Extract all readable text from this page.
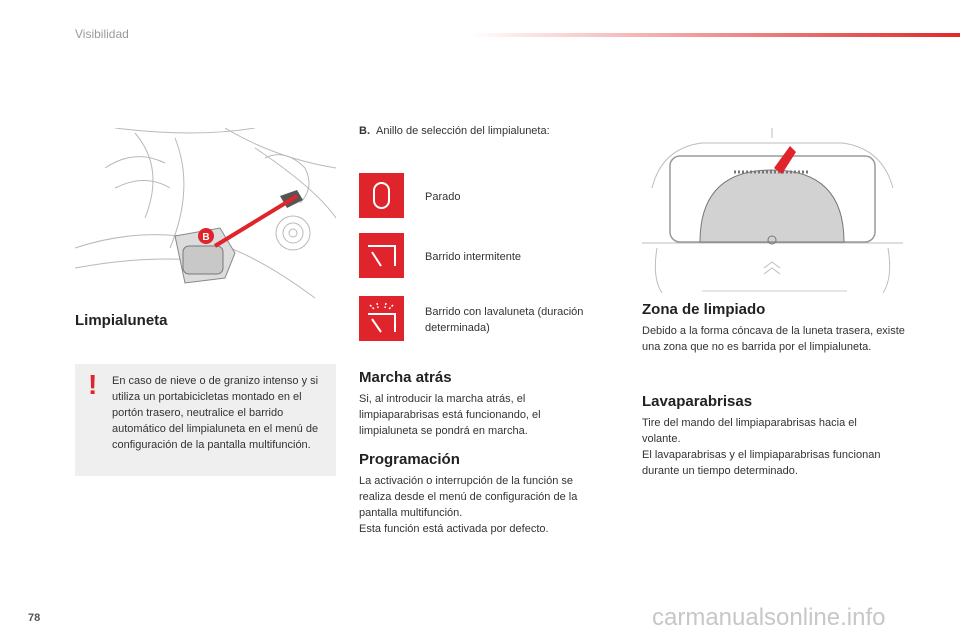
Visibilidad
B
Limpialuneta
! En caso de nieve o de granizo intenso y si utiliza un portabicicletas montado en el portón trasero, neutralice el barrido automático del limpialuneta en el menú de configuración de la pantalla multifunción.
B. Anillo de selección del limpialuneta:
Parado
Barrido intermitente
Barrido con lavaluneta (duración determinada)
Marcha atrás

Si, al introducir la marcha atrás, el limpiaparabrisas está funcionando, el limpialuneta se pondrá en marcha.

Programación

La activación o interrupción de la función se realiza desde el menú de configuración de la pantalla multifunción.

Esta función está activada por defecto.

Zona de limpiado

Debido a la forma cóncava de la luneta trasera, existe una zona que no es barrida por el limpialuneta.

Lavaparabrisas

Tire del mando del limpiaparabrisas hacia el volante.

El lavaparabrisas y el limpiaparabrisas funcionan durante un tiempo determinado.

78	carmanualsonline.info
